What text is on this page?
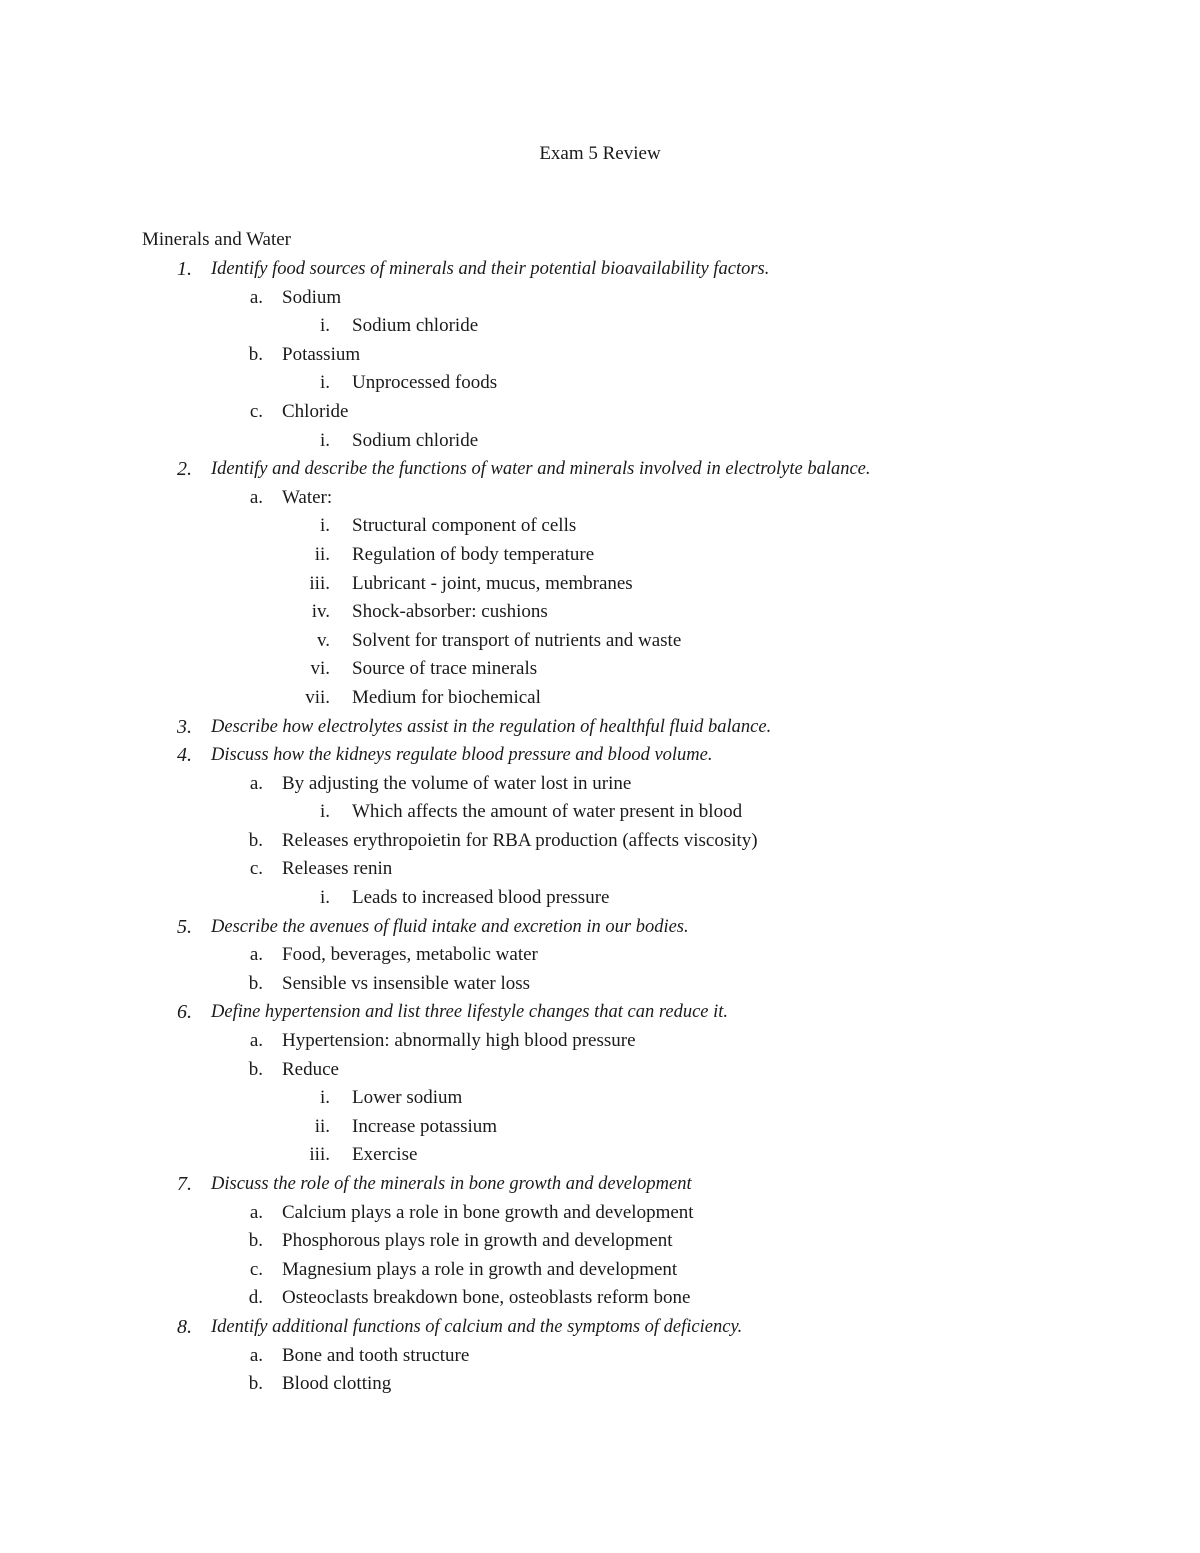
Exam 5 Review
Minerals and Water
1. Identify food sources of minerals and their potential bioavailability factors.
a. Sodium
i. Sodium chloride
b. Potassium
i. Unprocessed foods
c. Chloride
i. Sodium chloride
2. Identify and describe the functions of water and minerals involved in electrolyte balance.
a. Water:
i. Structural component of cells
ii. Regulation of body temperature
iii. Lubricant - joint, mucus, membranes
iv. Shock-absorber: cushions
v. Solvent for transport of nutrients and waste
vi. Source of trace minerals
vii. Medium for biochemical
3. Describe how electrolytes assist in the regulation of healthful fluid balance.
4. Discuss how the kidneys regulate blood pressure and blood volume.
a. By adjusting the volume of water lost in urine
i. Which affects the amount of water present in blood
b. Releases erythropoietin for RBA production (affects viscosity)
c. Releases renin
i. Leads to increased blood pressure
5. Describe the avenues of fluid intake and excretion in our bodies.
a. Food, beverages, metabolic water
b. Sensible vs insensible water loss
6. Define hypertension and list three lifestyle changes that can reduce it.
a. Hypertension: abnormally high blood pressure
b. Reduce
i. Lower sodium
ii. Increase potassium
iii. Exercise
7. Discuss the role of the minerals in bone growth and development
a. Calcium plays a role in bone growth and development
b. Phosphorous plays role in growth and development
c. Magnesium plays a role in growth and development
d. Osteoclasts breakdown bone, osteoblasts reform bone
8. Identify additional functions of calcium and the symptoms of deficiency.
a. Bone and tooth structure
b. Blood clotting
